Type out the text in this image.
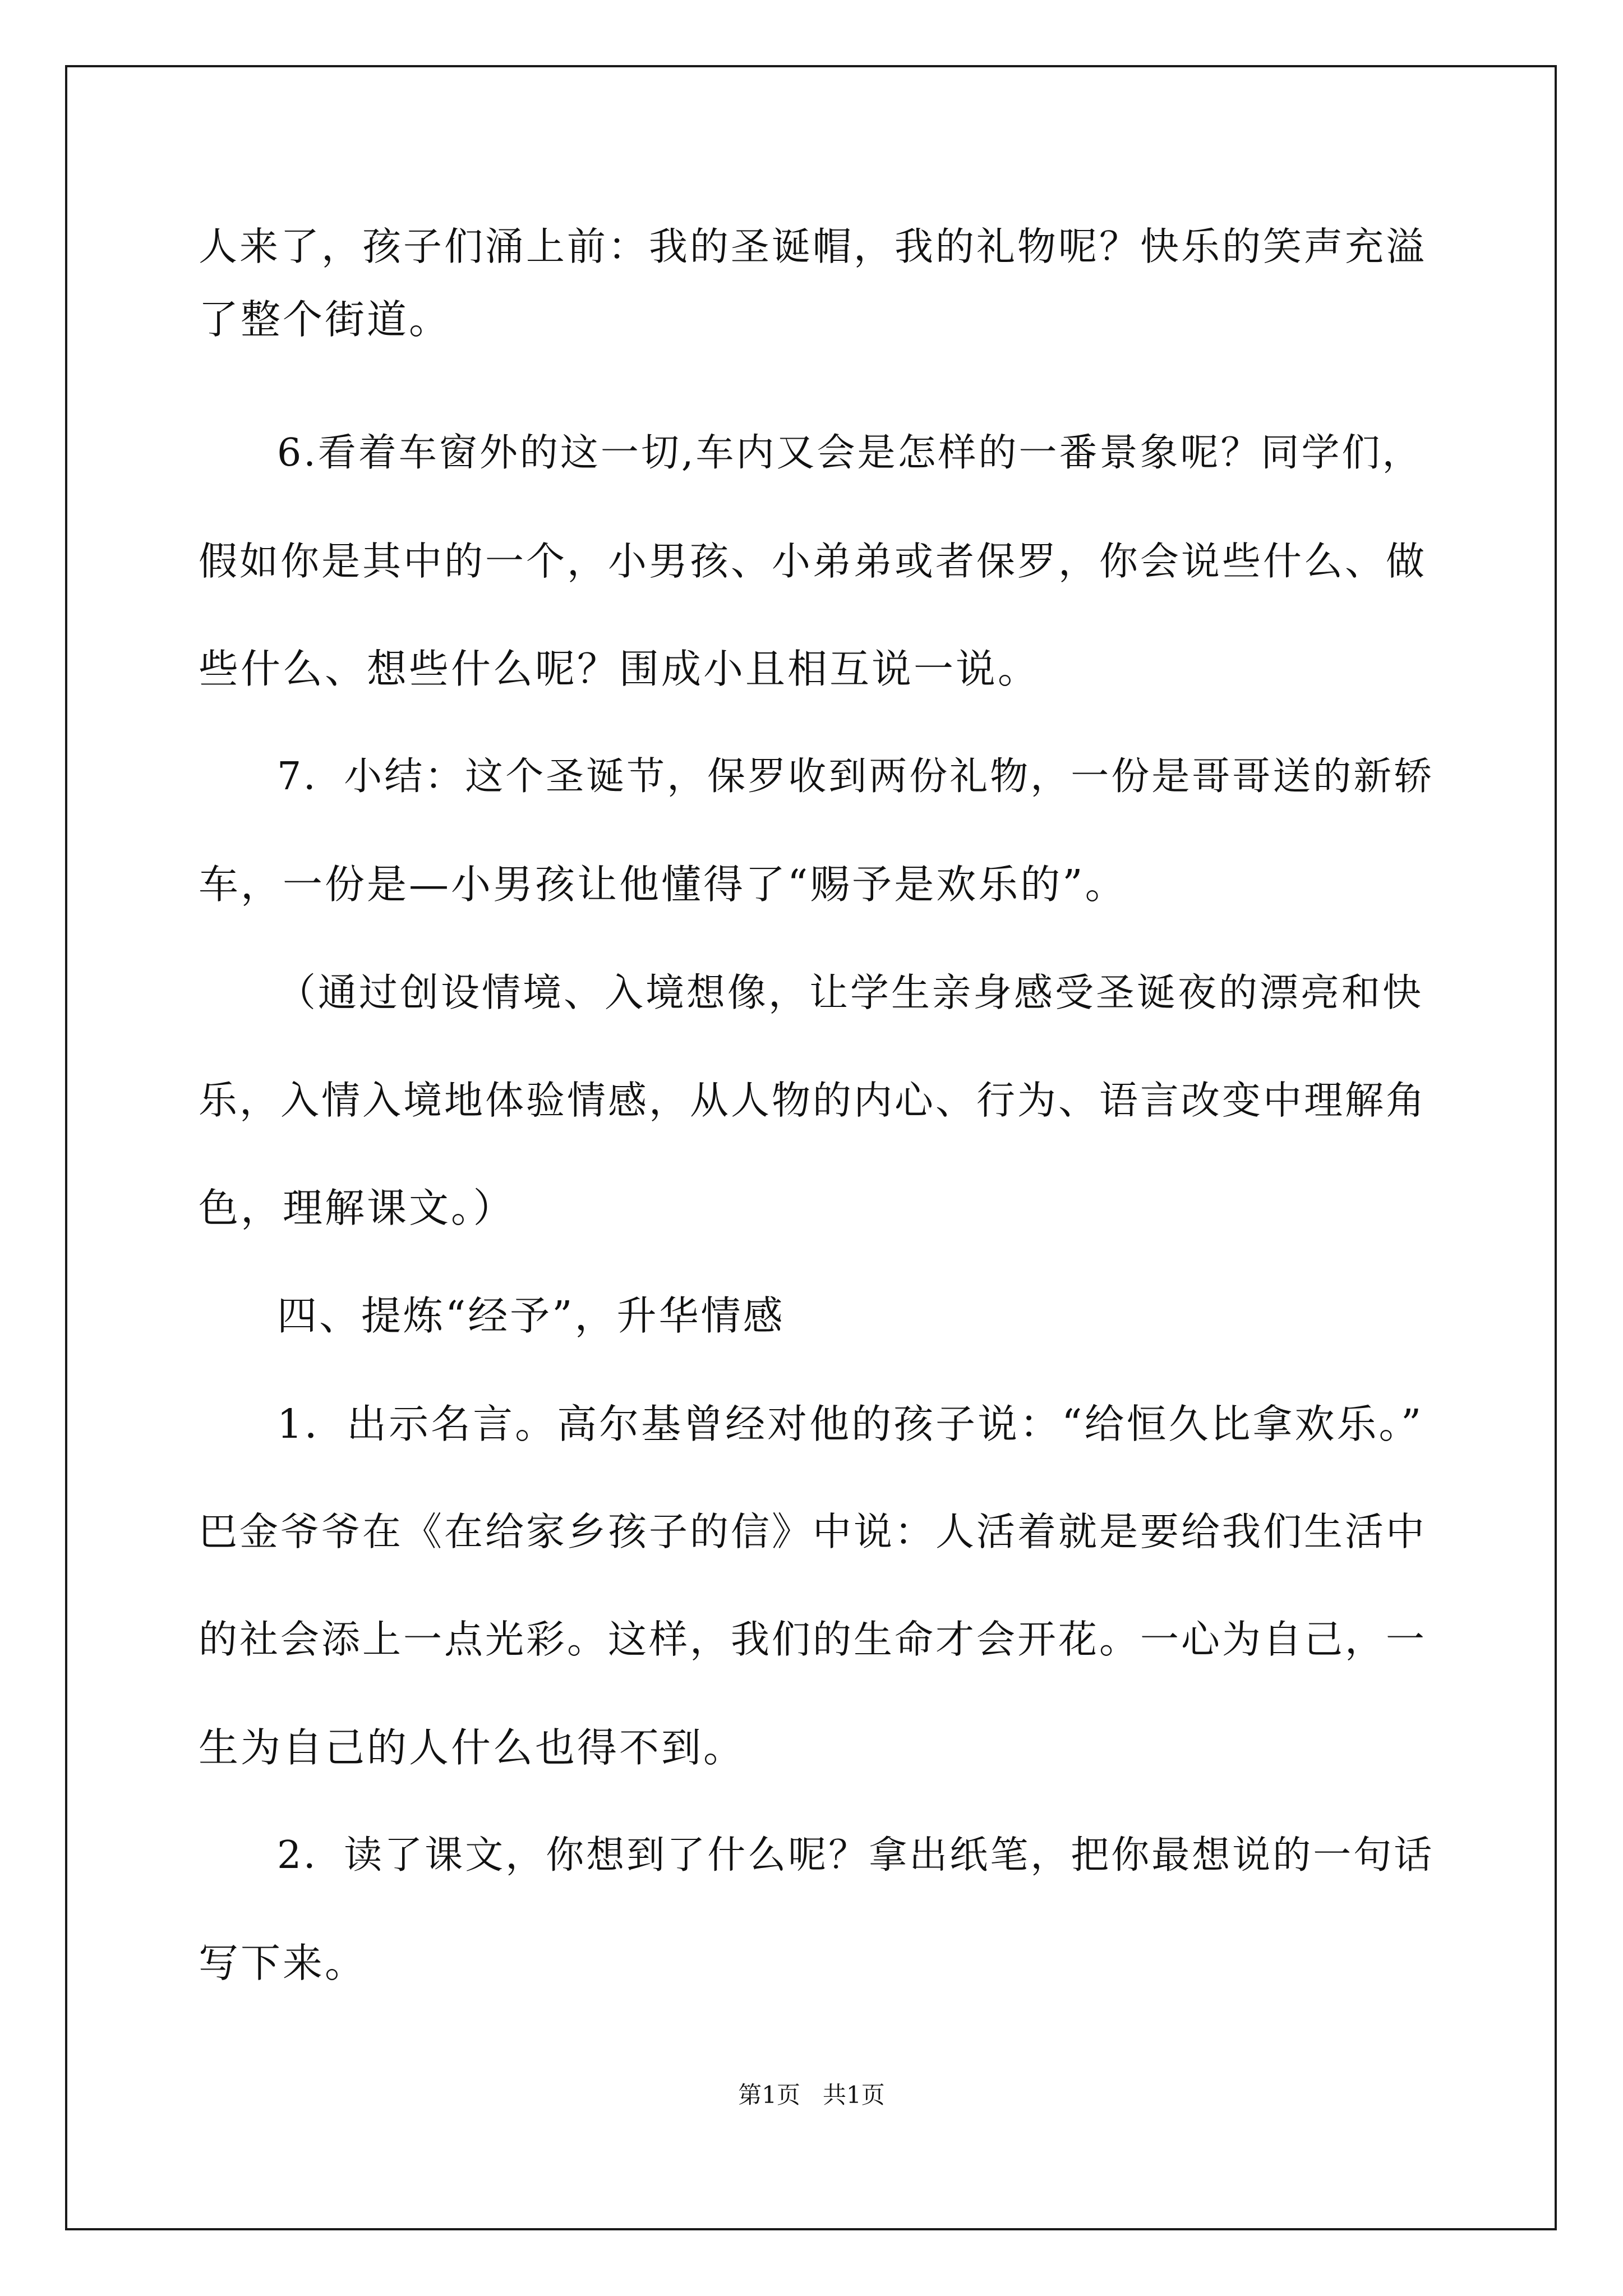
人来了，孩子们涌上前：我的圣诞帽，我的礼物呢？快乐的笑声充溢
了整个街道。
6.看着车窗外的这一切,车内又会是怎样的一番景象呢？同学们，
假如你是其中的一个，小男孩、小弟弟或者保罗，你会说些什么、做
些什么、想些什么呢？围成小且相互说一说。
7．小结：这个圣诞节，保罗收到两份礼物，一份是哥哥送的新轿
车，一份是—小男孩让他懂得了“赐予是欢乐的”。
（通过创设情境、入境想像，让学生亲身感受圣诞夜的漂亮和快
乐，入情入境地体验情感，从人物的内心、行为、语言改变中理解角
色，理解课文。）
四、提炼“经予”，升华情感
1．出示名言。高尔基曾经对他的孩子说：“给恒久比拿欢乐。”
巴金爷爷在《在给家乡孩子的信》中说：人活着就是要给我们生活中
的社会添上一点光彩。这样，我们的生命才会开花。一心为自己，一
生为自己的人什么也得不到。
2．读了课文，你想到了什么呢？拿出纸笔，把你最想说的一句话
写下来。
第1页   共1页
